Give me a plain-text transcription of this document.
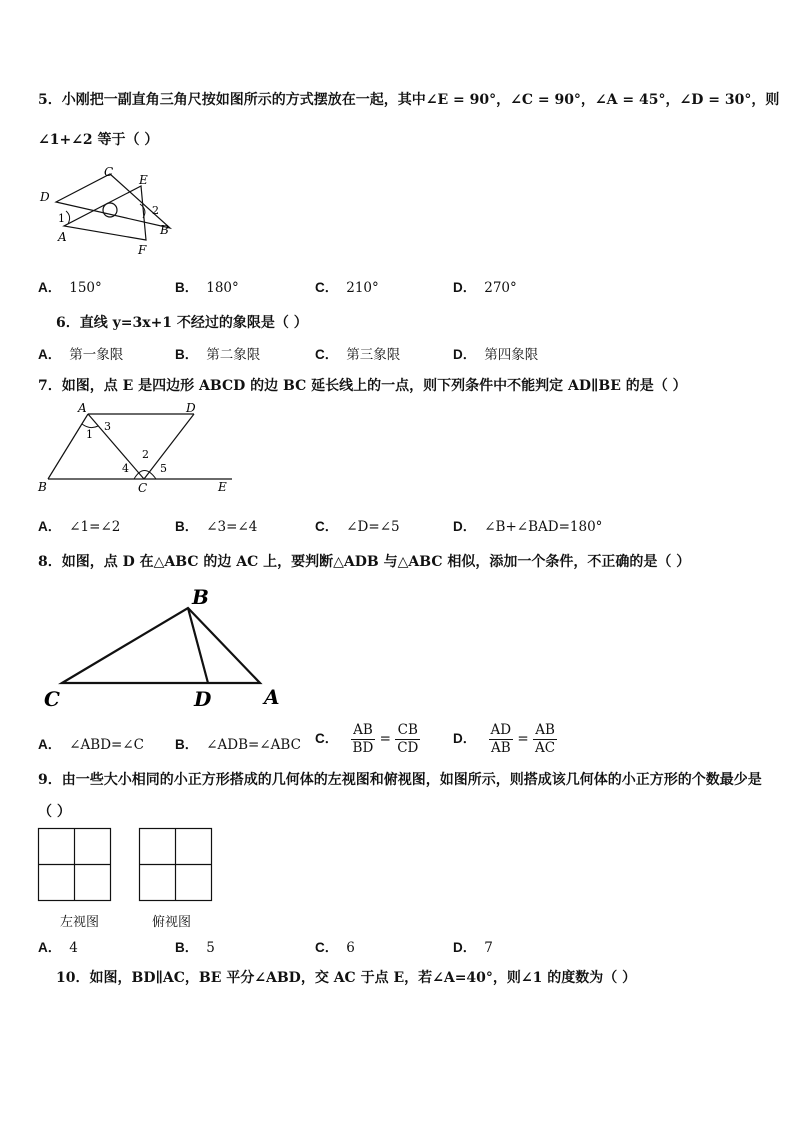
5．小刚把一副直角三角尺按如图所示的方式摆放在一起，其中∠E = 90°，∠C = 90°，∠A = 45°，∠D = 30°，则
∠1+∠2 等于（ ）
C
E
D
1
2
B
A
F
A． 150°	B． 180°	C． 210°	D． 270°
6．直线 y=3x+1 不经过的象限是（ ）
A． 第一象限	B． 第二象限	C． 第三象限	D． 第四象限
7．如图，点 E 是四边形 ABCD 的边 BC 延长线上的一点，则下列条件中不能判定 AD∥BE 的是（ ）
A	D
1
3
2
4	5
B	C	E
A． ∠1=∠2	B． ∠3=∠4	C． ∠D=∠5	D． ∠B+∠BAD=180°
8．如图，点 D 在△ABC 的边 AC 上，要判断△ADB 与△ABC 相似，添加一个条件，不正确的是（ ）
B
C	D	A
A． ∠ABD=∠C B． ∠ADB=∠ABC C． $\frac{AB}{BD} = \frac{CB}{CD}$ D． $\frac{AD}{AB} = \frac{AB}{AC}$
9．由一些大小相同的小正方形搭成的几何体的左视图和俯视图，如图所示，则搭成该几何体的小正方形的个数最少是
（ ）
左视图	俯视图
A． 4	B． 5	C． 6	D． 7
10．如图，BD∥AC，BE 平分∠ABD，交 AC 于点 E，若∠A=40°，则∠1 的度数为（ ）
